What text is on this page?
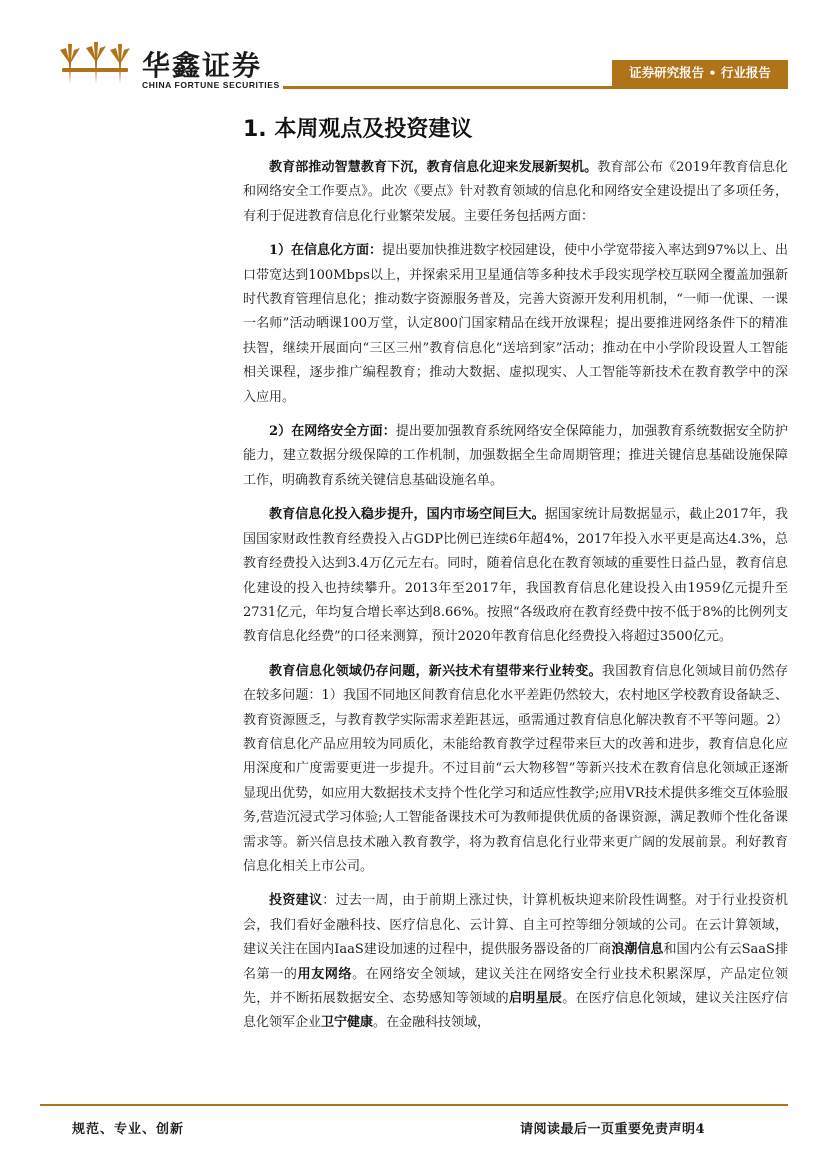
华鑫证券
CHINA FORTUNE SECURITIES
证券研究报告 • 行业报告
1. 本周观点及投资建议

教育部推动智慧教育下沉，教育信息化迎来发展新契机。教育部公布《2019年教育信息化和网络安全工作要点》。此次《要点》针对教育领域的信息化和网络安全建设提出了多项任务，有利于促进教育信息化行业繁荣发展。主要任务包括两方面：

1）在信息化方面：提出要加快推进数字校园建设，使中小学宽带接入率达到97%以上、出口带宽达到100Mbps以上，并探索采用卫星通信等多种技术手段实现学校互联网全覆盖加强新时代教育管理信息化；推动数字资源服务普及，完善大资源开发利用机制，“一师一优课、一课一名师”活动晒课100万堂，认定800门国家精品在线开放课程；提出要推进网络条件下的精准扶智，继续开展面向“三区三州”教育信息化“送培到家”活动；推动在中小学阶段设置人工智能相关课程，逐步推广编程教育；推动大数据、虚拟现实、人工智能等新技术在教育教学中的深入应用。

2）在网络安全方面：提出要加强教育系统网络安全保障能力，加强教育系统数据安全防护能力，建立数据分级保障的工作机制，加强数据全生命周期管理；推进关键信息基础设施保障工作，明确教育系统关键信息基础设施名单。

教育信息化投入稳步提升，国内市场空间巨大。据国家统计局数据显示，截止2017年，我国国家财政性教育经费投入占GDP比例已连续6年超4%，2017年投入水平更是高达4.3%，总教育经费投入达到3.4万亿元左右。同时，随着信息化在教育领域的重要性日益凸显，教育信息化建设的投入也持续攀升。2013年至2017年，我国教育信息化建设投入由1959亿元提升至2731亿元，年均复合增长率达到8.66%。按照“各级政府在教育经费中按不低于8%的比例列支教育信息化经费”的口径来测算，预计2020年教育信息化经费投入将超过3500亿元。

教育信息化领域仍存问题，新兴技术有望带来行业转变。我国教育信息化领域目前仍然存在较多问题：1）我国不同地区间教育信息化水平差距仍然较大，农村地区学校教育设备缺乏、教育资源匮乏，与教育教学实际需求差距甚远，亟需通过教育信息化解决教育不平等问题。2）教育信息化产品应用较为同质化，未能给教育教学过程带来巨大的改善和进步，教育信息化应用深度和广度需要更进一步提升。不过目前“云大物移智”等新兴技术在教育信息化领域正逐渐显现出优势，如应用大数据技术支持个性化学习和适应性教学;应用VR技术提供多维交互体验服务,营造沉浸式学习体验;人工智能备课技术可为教师提供优质的备课资源，满足教师个性化备课需求等。新兴信息技术融入教育教学，将为教育信息化行业带来更广阔的发展前景。利好教育信息化相关上市公司。

投资建议：过去一周，由于前期上涨过快，计算机板块迎来阶段性调整。对于行业投资机会，我们看好金融科技、医疗信息化、云计算、自主可控等细分领域的公司。在云计算领域，建议关注在国内IaaS建设加速的过程中，提供服务器设备的厂商浪潮信息和国内公有云SaaS排名第一的用友网络。在网络安全领域，建议关注在网络安全行业技术积累深厚，产品定位领先，并不断拓展数据安全、态势感知等领域的启明星辰。在医疗信息化领域，建议关注医疗信息化领军企业卫宁健康。在金融科技领域，

规范、专业、创新	请阅读最后一页重要免责声明4
